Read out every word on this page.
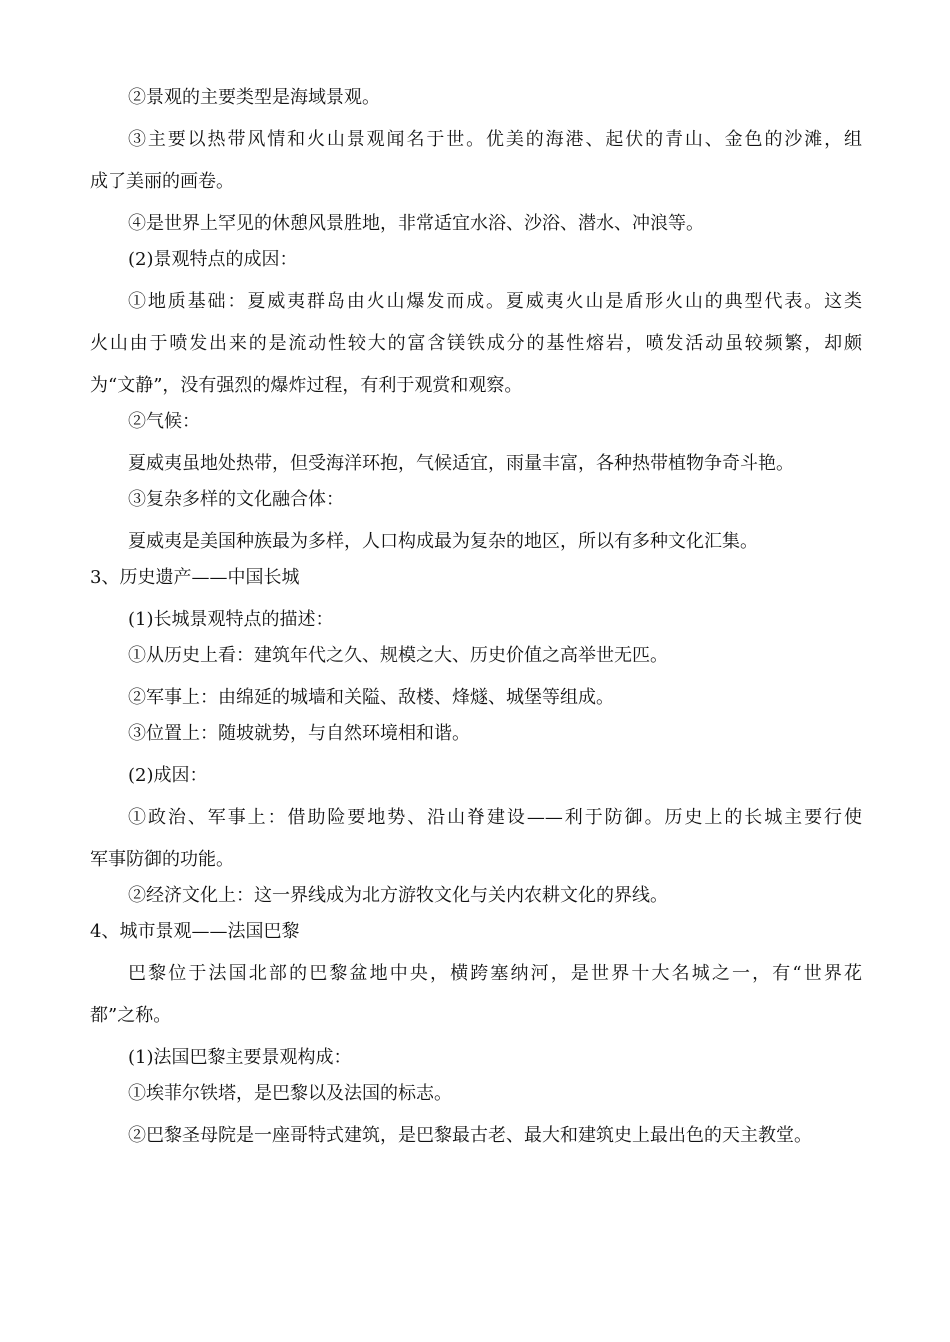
②景观的主要类型是海域景观。
③主要以热带风情和火山景观闻名于世。优美的海港、起伏的青山、金色的沙滩，组
成了美丽的画卷。
④是世界上罕见的休憩风景胜地，非常适宜水浴、沙浴、潜水、冲浪等。
(2)景观特点的成因：
①地质基础：夏威夷群岛由火山爆发而成。夏威夷火山是盾形火山的典型代表。这类
火山由于喷发出来的是流动性较大的富含镁铁成分的基性熔岩，喷发活动虽较频繁，却颇
为“文静”，没有强烈的爆炸过程，有利于观赏和观察。
②气候：
夏威夷虽地处热带，但受海洋环抱，气候适宜，雨量丰富，各种热带植物争奇斗艳。
③复杂多样的文化融合体：
夏威夷是美国种族最为多样，人口构成最为复杂的地区，所以有多种文化汇集。
3、历史遗产——中国长城
(1)长城景观特点的描述：
①从历史上看：建筑年代之久、规模之大、历史价值之高举世无匹。
②军事上：由绵延的城墙和关隘、敌楼、烽燧、城堡等组成。
③位置上：随坡就势，与自然环境相和谐。
(2)成因：
①政治、军事上：借助险要地势、沿山脊建设——利于防御。历史上的长城主要行使
军事防御的功能。
②经济文化上：这一界线成为北方游牧文化与关内农耕文化的界线。
4、城市景观——法国巴黎
巴黎位于法国北部的巴黎盆地中央，横跨塞纳河，是世界十大名城之一，有“世界花
都”之称。
(1)法国巴黎主要景观构成：
①埃菲尔铁塔，是巴黎以及法国的标志。
②巴黎圣母院是一座哥特式建筑，是巴黎最古老、最大和建筑史上最出色的天主教堂。
